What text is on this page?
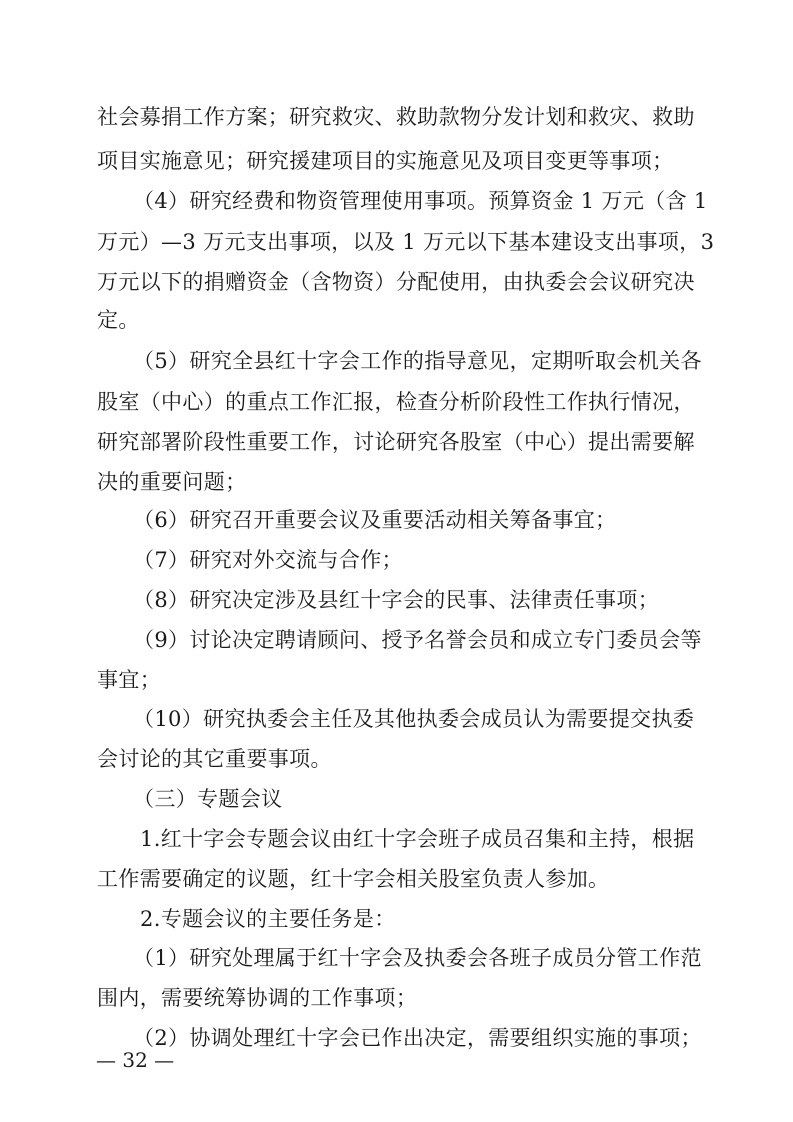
社会募捐工作方案；研究救灾、救助款物分发计划和救灾、救助
项目实施意见；研究援建项目的实施意见及项目变更等事项；
（4）研究经费和物资管理使用事项。预算资金 1 万元（含 1
万元）—3 万元支出事项，以及 1 万元以下基本建设支出事项，3
万元以下的捐赠资金（含物资）分配使用，由执委会会议研究决
定。
（5）研究全县红十字会工作的指导意见，定期听取会机关各
股室（中心）的重点工作汇报，检查分析阶段性工作执行情况，
研究部署阶段性重要工作，讨论研究各股室（中心）提出需要解
决的重要问题；
（6）研究召开重要会议及重要活动相关筹备事宜；
（7）研究对外交流与合作；
（8）研究决定涉及县红十字会的民事、法律责任事项；
（9）讨论决定聘请顾问、授予名誉会员和成立专门委员会等
事宜；
（10）研究执委会主任及其他执委会成员认为需要提交执委
会讨论的其它重要事项。
（三）专题会议
1.红十字会专题会议由红十字会班子成员召集和主持，根据
工作需要确定的议题，红十字会相关股室负责人参加。
2.专题会议的主要任务是：
（1）研究处理属于红十字会及执委会各班子成员分管工作范
围内，需要统筹协调的工作事项；
（2）协调处理红十字会已作出决定，需要组织实施的事项；
— 32 —
